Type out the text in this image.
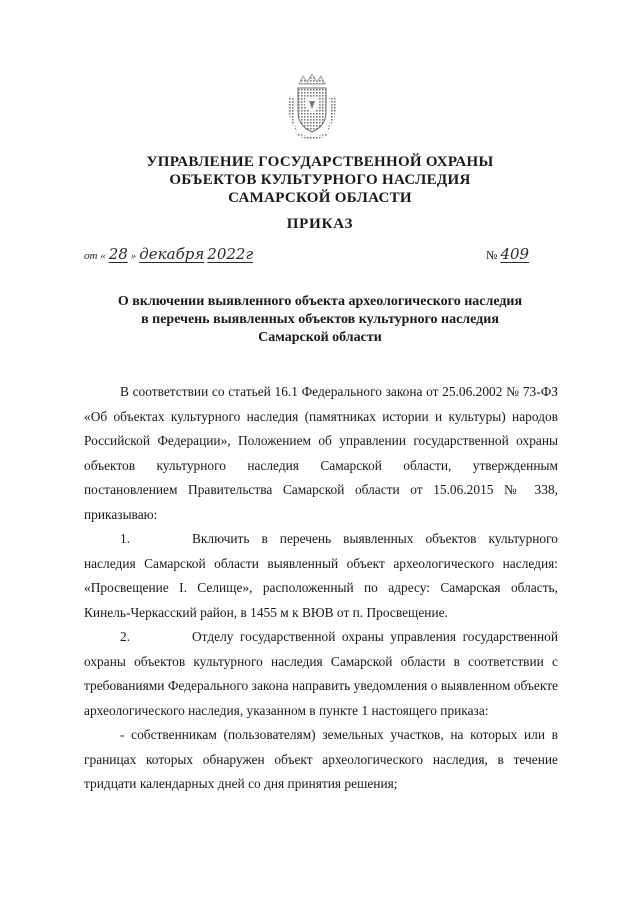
УПРАВЛЕНИЕ ГОСУДАРСТВЕННОЙ ОХРАНЫ
ОБЪЕКТОВ КУЛЬТУРНОГО НАСЛЕДИЯ
САМАРСКОЙ ОБЛАСТИ
ПРИКАЗ
от « 28 » декабря 2022г	№ 409
О включении выявленного объекта археологического наследия
в перечень выявленных объектов культурного наследия
Самарской области

В соответствии со статьей 16.1 Федерального закона от 25.06.2002 № 73-ФЗ «Об объектах культурного наследия (памятниках истории и культуры) народов Российской Федерации», Положением об управлении государственной охраны объектов культурного наследия Самарской области, утвержденным постановлением Правительства Самарской области от 15.06.2015 № 338, приказываю:

1.	Включить в перечень выявленных объектов культурного наследия Самарской области выявленный объект археологического наследия: «Просвещение I. Селище», расположенный по адресу: Самарская область, Кинель-Черкасский район, в 1455 м к ВЮВ от п. Просвещение.

2.	Отделу государственной охраны управления государственной охраны объектов культурного наследия Самарской области в соответствии с требованиями Федерального закона направить уведомления о выявленном объекте археологического наследия, указанном в пункте 1 настоящего приказа:

- собственникам (пользователям) земельных участков, на которых или в границах которых обнаружен объект археологического наследия, в течение тридцати календарных дней со дня принятия решения;
